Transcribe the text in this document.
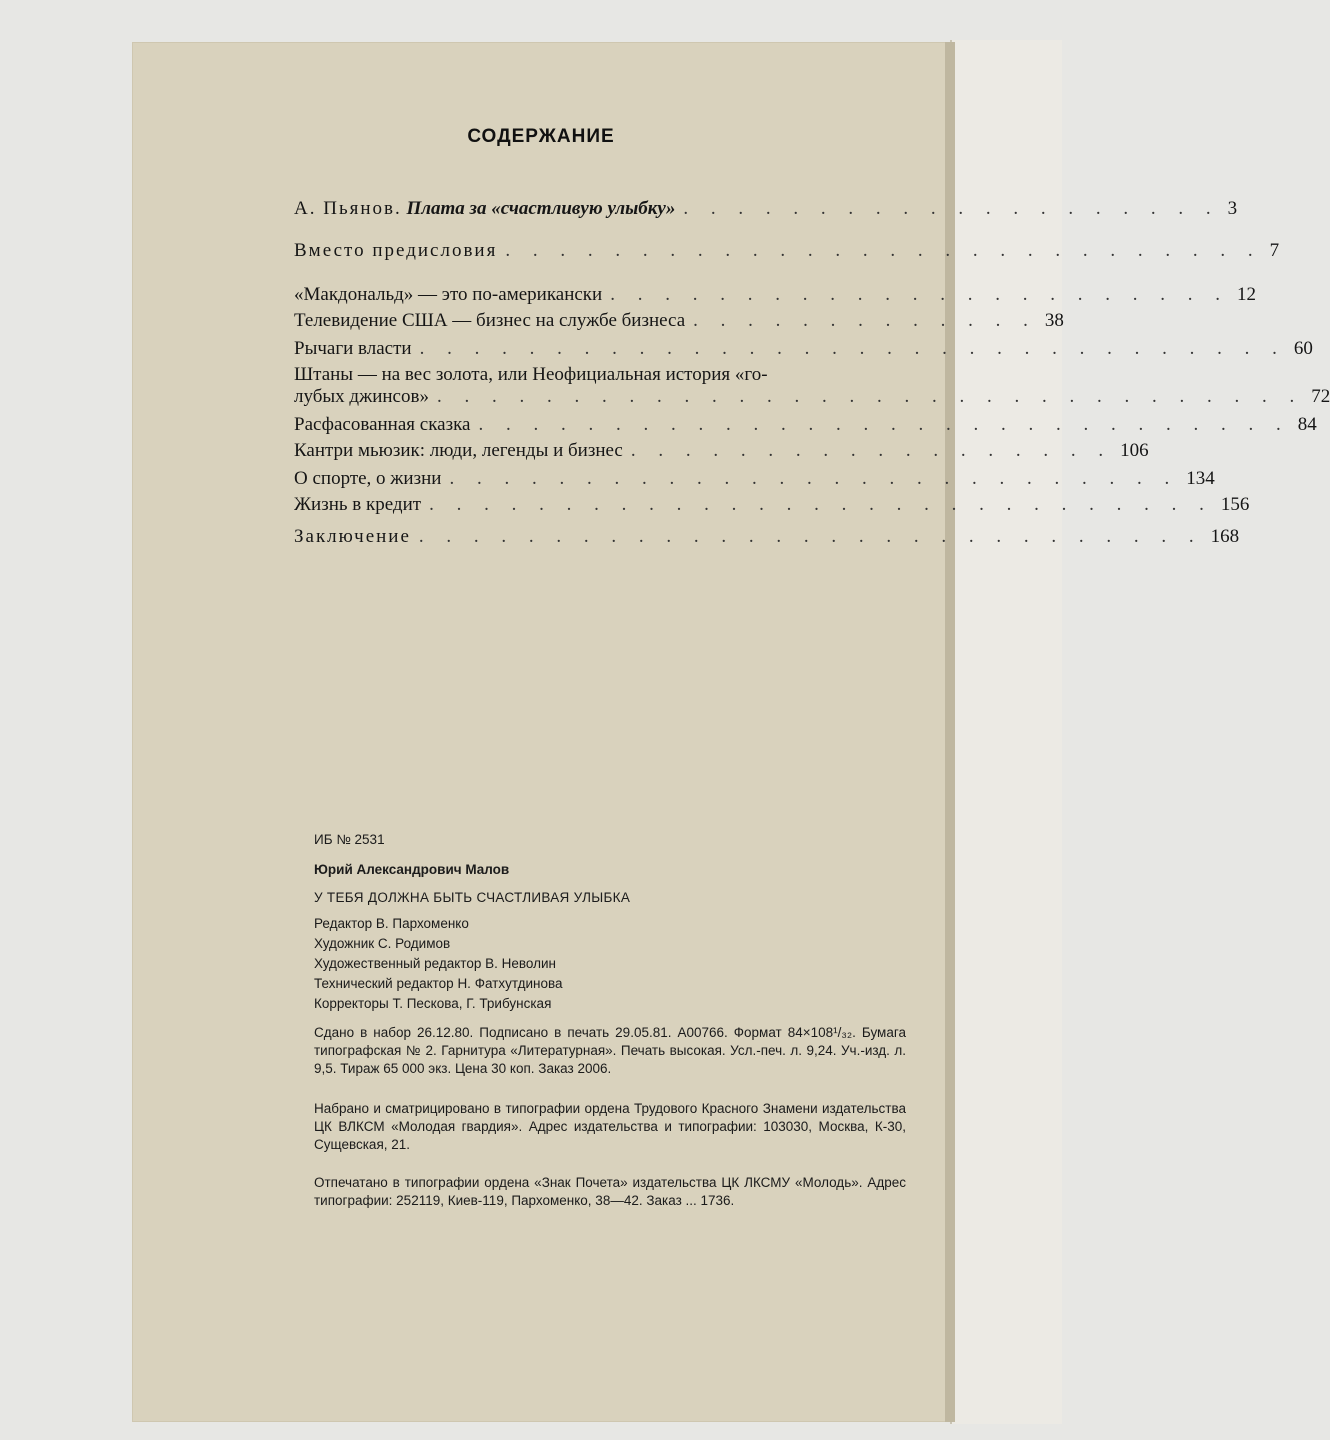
СОДЕРЖАНИЕ
А. Пьянов. Плата за «счастливую улыбку» . . . . . . . . . . . . . . . . . . . . 3
Вместо предисловия . . . . . . . . . . . . . . . . . . . . . . . . . . . . 7
«Макдональд» — это по-американски . . . . . . . . . . . . . . . . . . . . . . . 12
Телевидение США — бизнес на службе бизнеса . . . . . . . . . . . . . 38
Рычаги власти . . . . . . . . . . . . . . . . . . . . . . . . . . . . . . . . 60
Штаны — на вес золота, или Неофициальная история «го-
лубых джинсов» . . . . . . . . . . . . . . . . . . . . . . . . . . . . . . . . 72
Расфасованная сказка . . . . . . . . . . . . . . . . . . . . . . . . . . . . . . 84
Кантри мьюзик: люди, легенды и бизнес . . . . . . . . . . . . . . . . . . 106
О спорте, о жизни . . . . . . . . . . . . . . . . . . . . . . . . . . . 134
Жизнь в кредит . . . . . . . . . . . . . . . . . . . . . . . . . . . . . 156
Заключение . . . . . . . . . . . . . . . . . . . . . . . . . . . . . 168
ИБ № 2531
Юрий Александрович Малов
У ТЕБЯ ДОЛЖНА БЫТЬ СЧАСТЛИВАЯ УЛЫБКА
Редактор В. Пархоменко
Художник С. Родимов
Художественный редактор В. Неволин
Технический редактор Н. Фатхутдинова
Корректоры Т. Пескова, Г. Трибунская
Сдано в набор 26.12.80. Подписано в печать 29.05.81. А00766. Формат 84×108¹/₃₂. Бумага типографская № 2. Гарнитура «Литературная». Печать высокая. Усл.-печ. л. 9,24. Уч.-изд. л. 9,5. Тираж 65 000 экз. Цена 30 коп. Заказ 2006.
Набрано и сматрицировано в типографии ордена Трудового Красного Знамени издательства ЦК ВЛКСМ «Молодая гвардия». Адрес издательства и типографии: 103030, Москва, К-30, Сущевская, 21.
Отпечатано в типографии ордена «Знак Почета» издательства ЦК ЛКСМУ «Молодь». Адрес типографии: 252119, Киев-119, Пархоменко, 38—42. Заказ ... 1736.
